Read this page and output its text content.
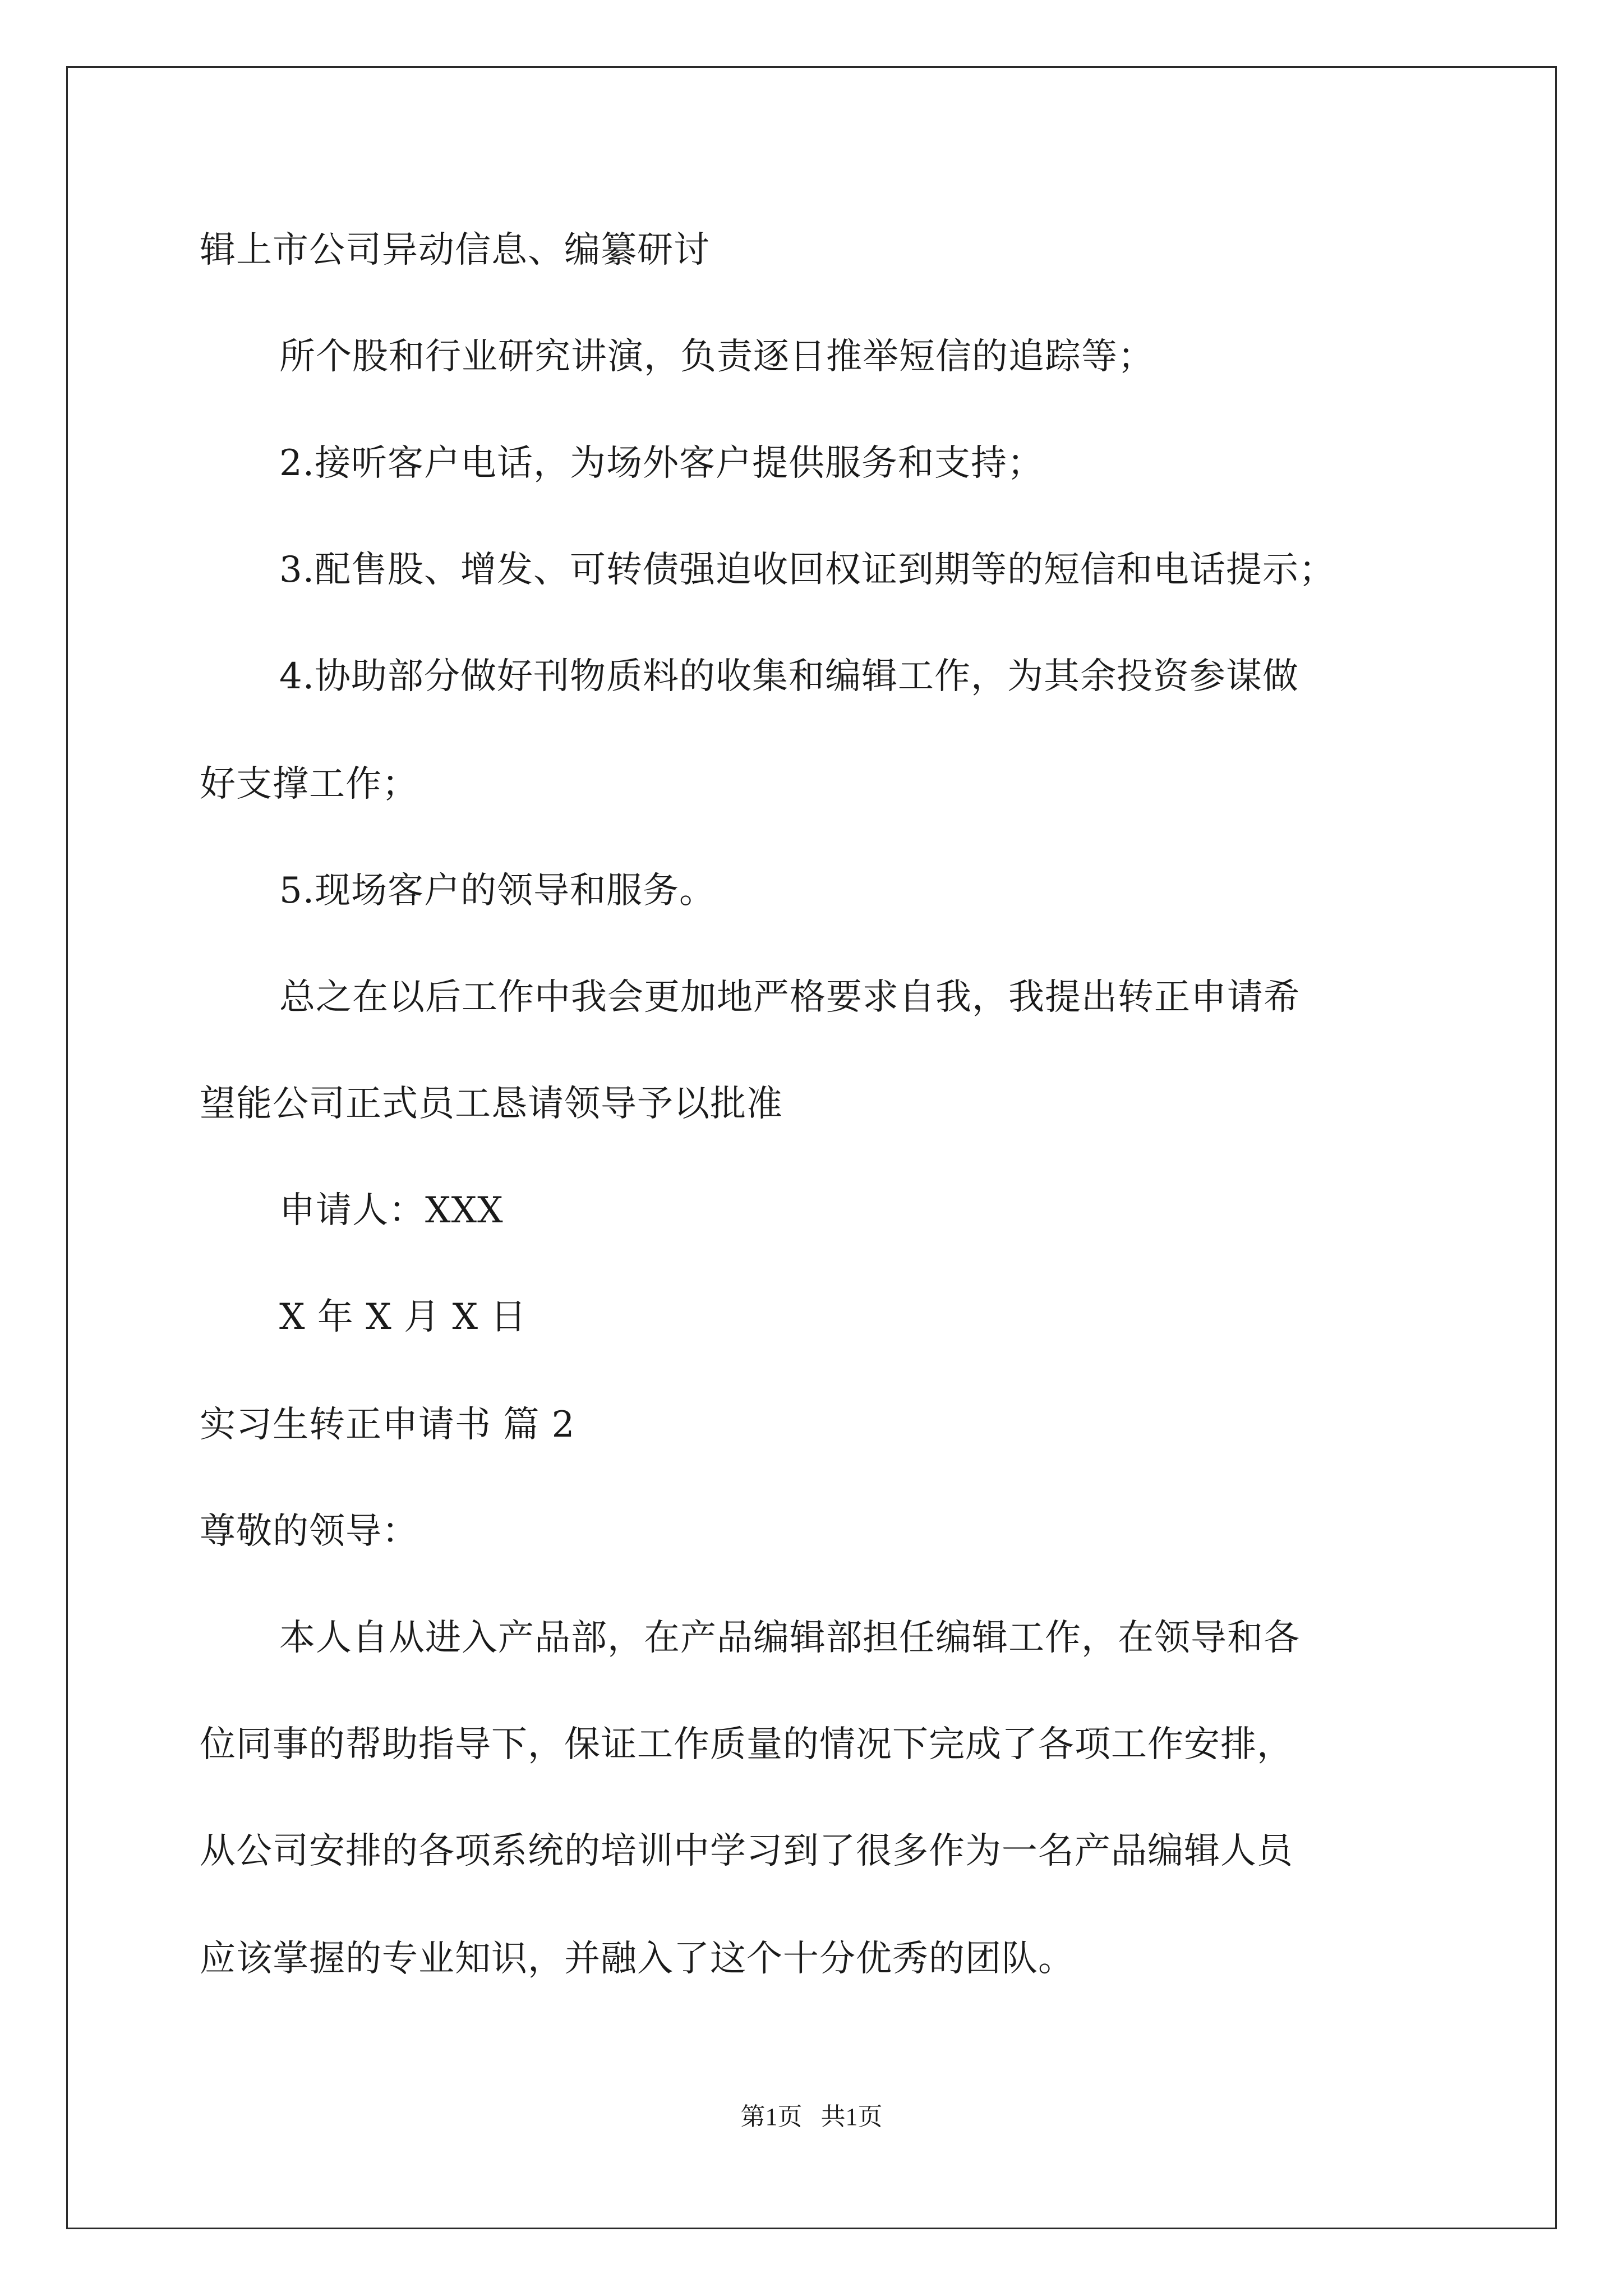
辑上市公司异动信息、编纂研讨
所个股和行业研究讲演，负责逐日推举短信的追踪等；
2.接听客户电话，为场外客户提供服务和支持；
3.配售股、增发、可转债强迫收回权证到期等的短信和电话提示；
4.协助部分做好刊物质料的收集和编辑工作，为其余投资参谋做
好支撑工作；
5.现场客户的领导和服务。
总之在以后工作中我会更加地严格要求自我，我提出转正申请希
望能公司正式员工恳请领导予以批准
申请人：XXX
X 年 X 月 X 日
实习生转正申请书 篇 2
尊敬的领导：
本人自从进入产品部，在产品编辑部担任编辑工作，在领导和各
位同事的帮助指导下，保证工作质量的情况下完成了各项工作安排，
从公司安排的各项系统的培训中学习到了很多作为一名产品编辑人员
应该掌握的专业知识，并融入了这个十分优秀的团队。
第1页   共1页
